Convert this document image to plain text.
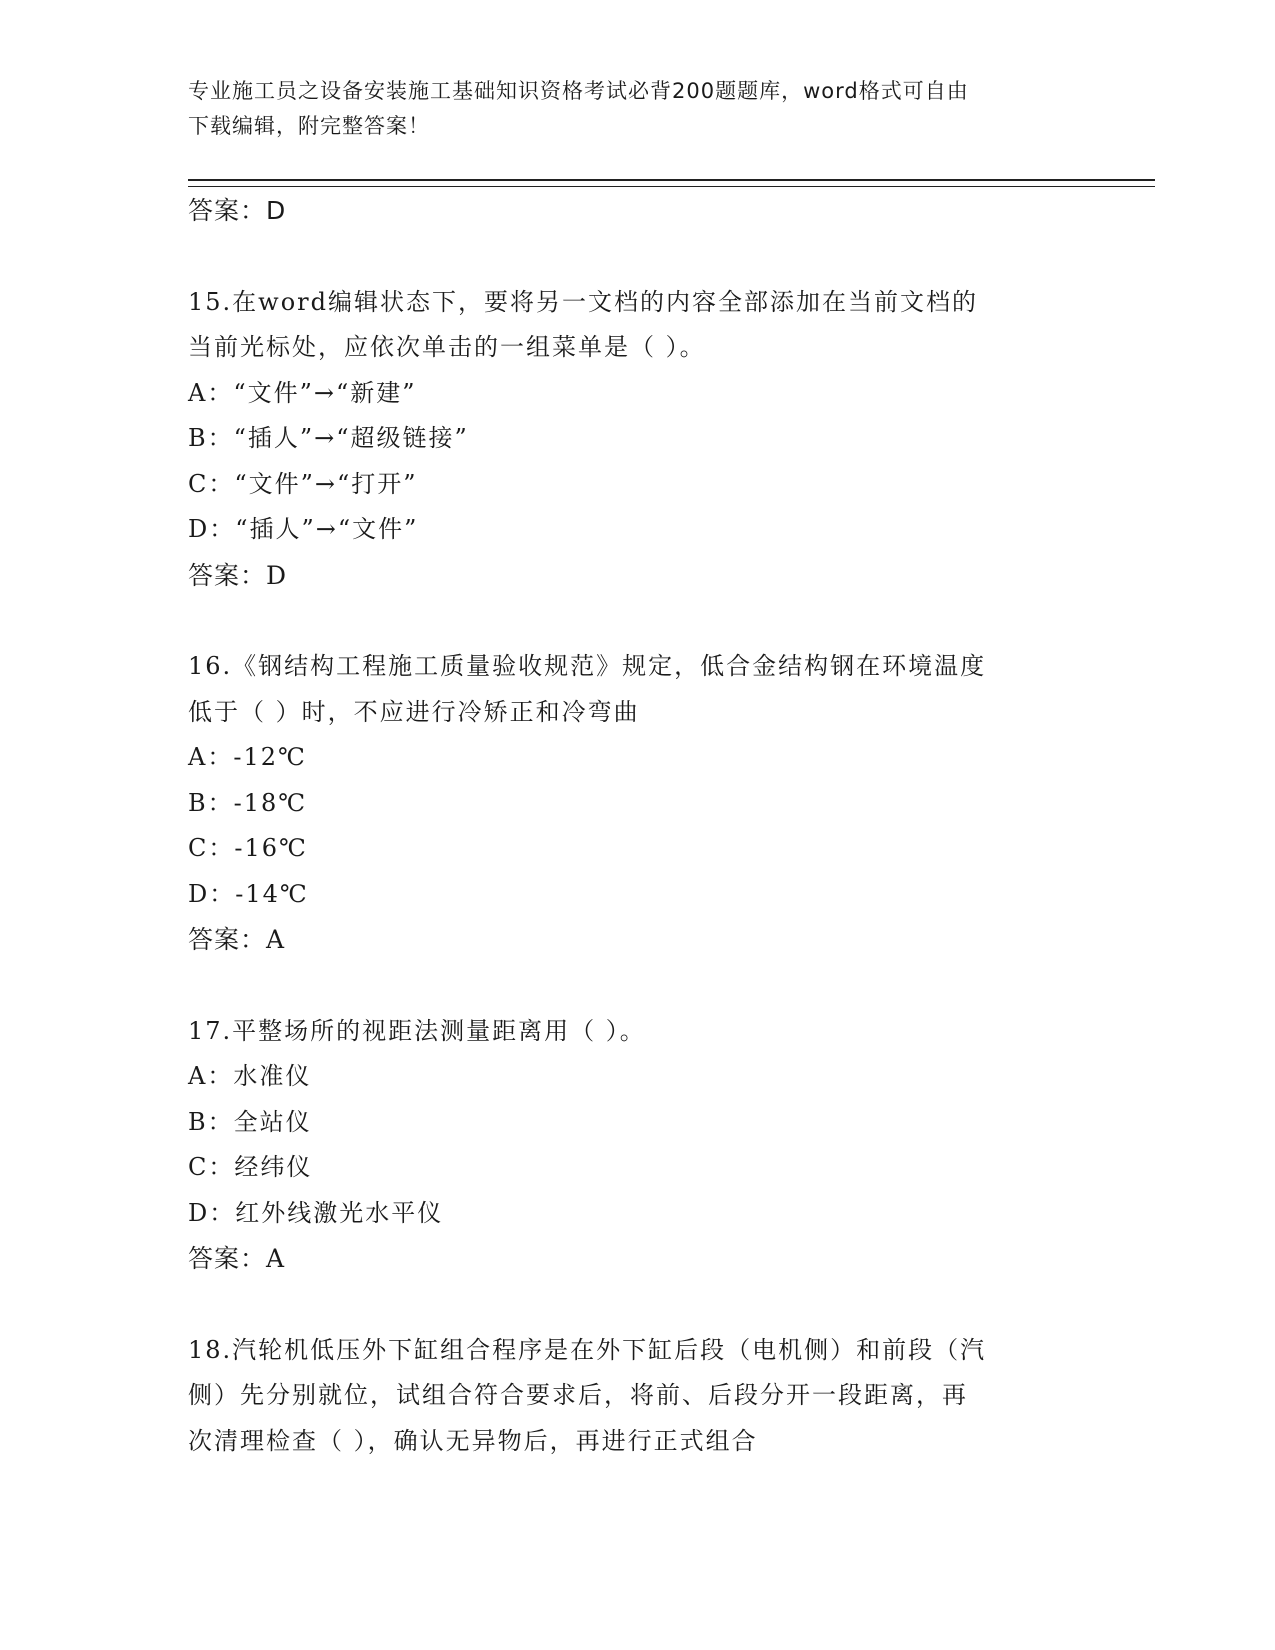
专业施工员之设备安装施工基础知识资格考试必背200题题库，word格式可自由
下载编辑，附完整答案！
答案：D
15.在word编辑状态下，要将另一文档的内容全部添加在当前文档的
当前光标处，应依次单击的一组菜单是（ ）。
A：“文件”→“新建”
B：“插人”→“超级链接”
C：“文件”→“打开”
D：“插人”→“文件”
答案：D
16.《钢结构工程施工质量验收规范》规定，低合金结构钢在环境温度
低于（ ）时，不应进行冷矫正和冷弯曲
A：-12℃
B：-18℃
C：-16℃
D：-14℃
答案：A
17.平整场所的视距法测量距离用（ ）。
A：水准仪
B：全站仪
C：经纬仪
D：红外线激光水平仪
答案：A
18.汽轮机低压外下缸组合程序是在外下缸后段（电机侧）和前段（汽
侧）先分别就位，试组合符合要求后，将前、后段分开一段距离，再
次清理检查（ ），确认无异物后，再进行正式组合
